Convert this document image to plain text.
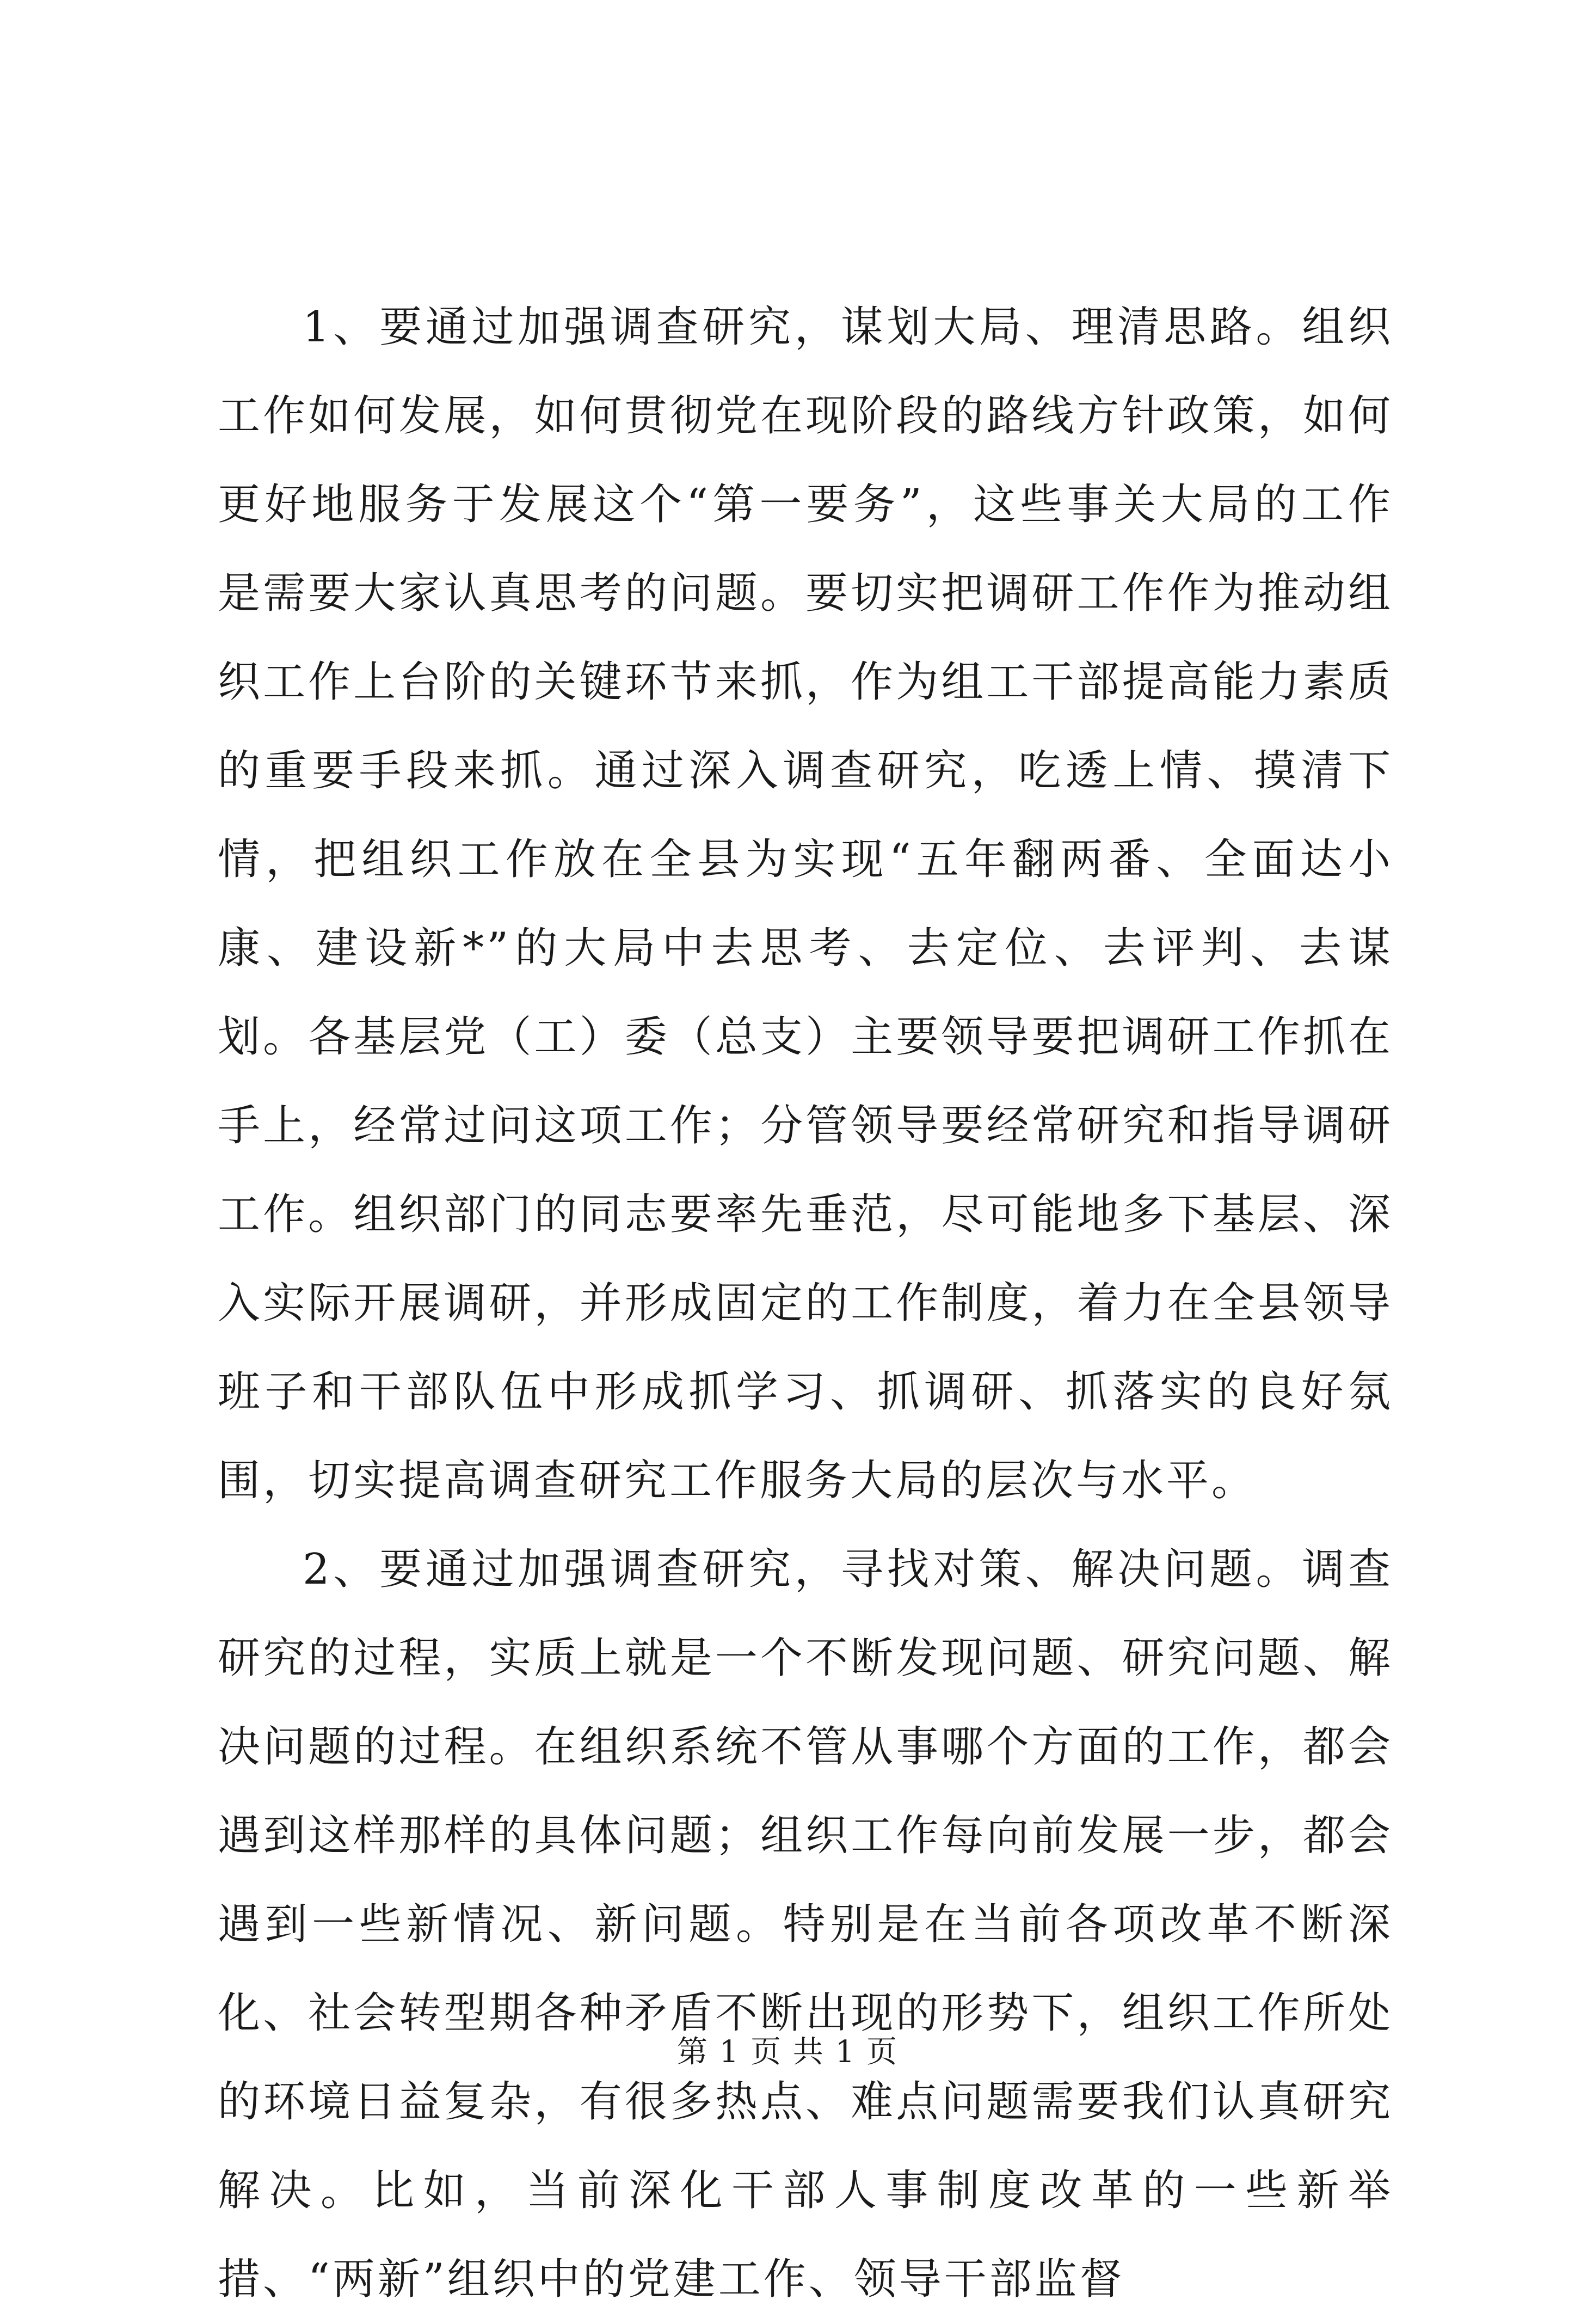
1、要通过加强调查研究，谋划大局、理清思路。组织工作如何发展，如何贯彻党在现阶段的路线方针政策，如何更好地服务于发展这个“第一要务”，这些事关大局的工作是需要大家认真思考的问题。要切实把调研工作作为推动组织工作上台阶的关键环节来抓，作为组工干部提高能力素质的重要手段来抓。通过深入调查研究，吃透上情、摸清下情，把组织工作放在全县为实现“五年翻两番、全面达小康、建设新*”的大局中去思考、去定位、去评判、去谋划。各基层党（工）委（总支）主要领导要把调研工作抓在手上，经常过问这项工作；分管领导要经常研究和指导调研工作。组织部门的同志要率先垂范，尽可能地多下基层、深入实际开展调研，并形成固定的工作制度，着力在全县领导班子和干部队伍中形成抓学习、抓调研、抓落实的良好氛围，切实提高调查研究工作服务大局的层次与水平。

2、要通过加强调查研究，寻找对策、解决问题。调查研究的过程，实质上就是一个不断发现问题、研究问题、解决问题的过程。在组织系统不管从事哪个方面的工作，都会遇到这样那样的具体问题；组织工作每向前发展一步，都会遇到一些新情况、新问题。特别是在当前各项改革不断深化、社会转型期各种矛盾不断出现的形势下，组织工作所处的环境日益复杂，有很多热点、难点问题需要我们认真研究解决。比如，当前深化干部人事制度改革的一些新举措、“两新”组织中的党建工作、领导干部监督

第 1 页 共 1 页
